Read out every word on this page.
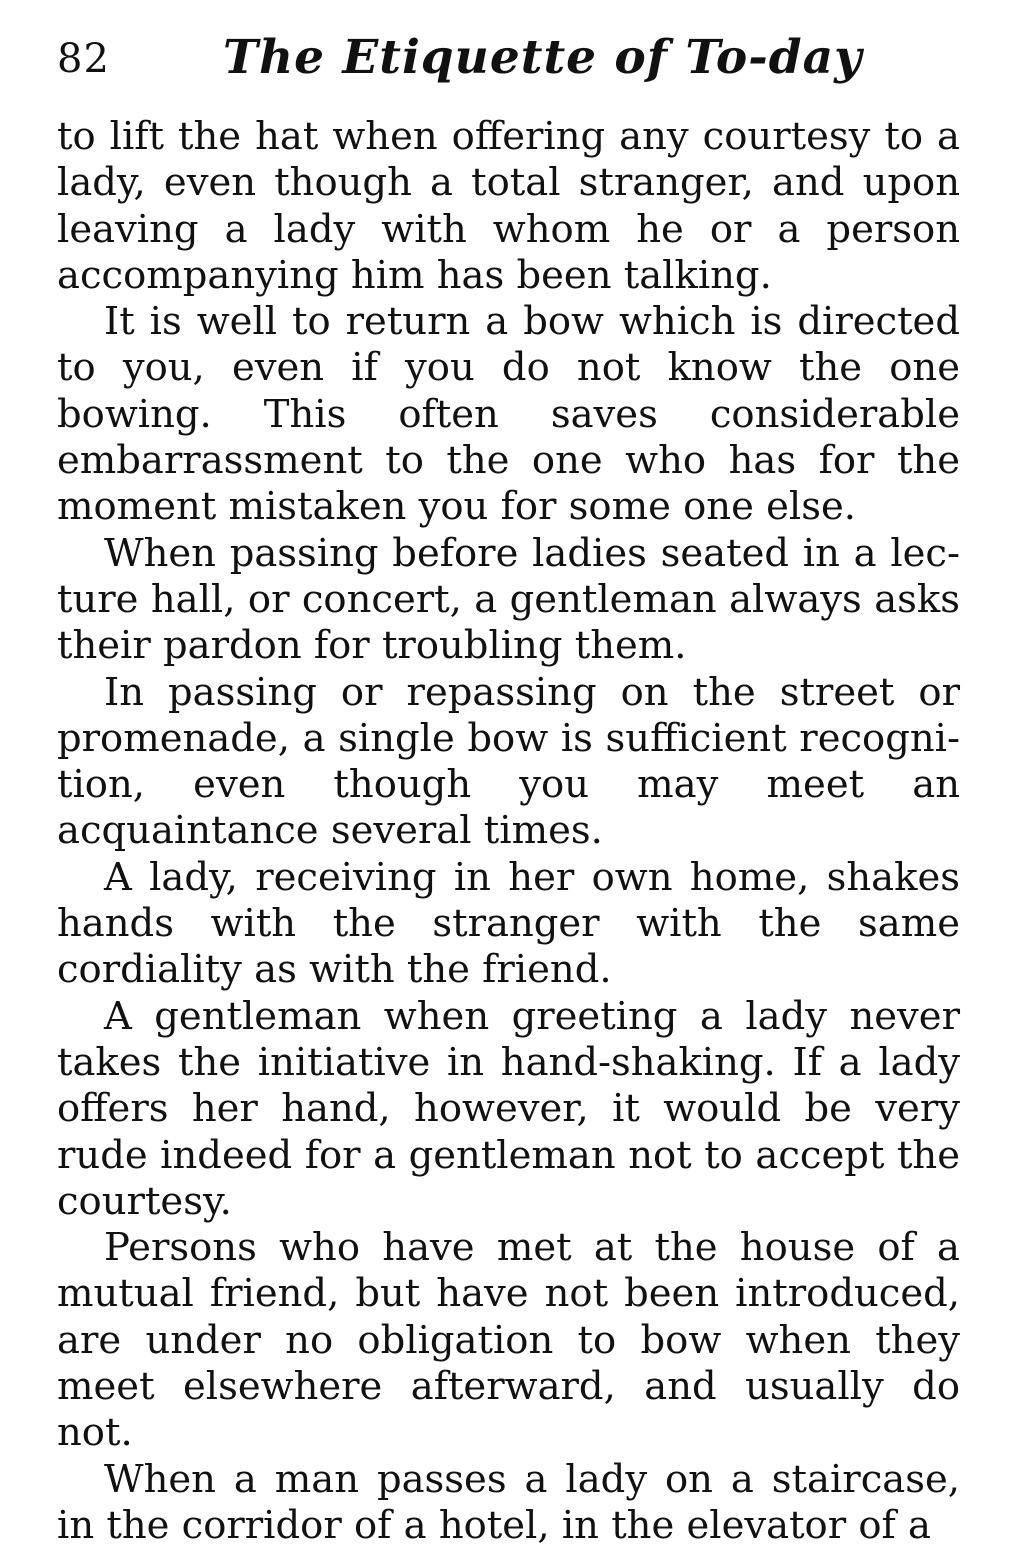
82 The Etiquette of To-day

to lift the hat when offering any courtesy to a lady, even though a total stranger, and upon leaving a lady with whom he or a person accompanying him has been talking.

It is well to return a bow which is directed to you, even if you do not know the one bowing. This often saves considerable embarrassment to the one who has for the moment mistaken you for some one else.

When passing before ladies seated in a lecture hall, or concert, a gentleman always asks their pardon for troubling them.

In passing or repassing on the street or promenade, a single bow is sufficient recognition, even though you may meet an acquaintance several times.

A lady, receiving in her own home, shakes hands with the stranger with the same cordiality as with the friend.

A gentleman when greeting a lady never takes the initiative in hand-shaking. If a lady offers her hand, however, it would be very rude indeed for a gentleman not to accept the courtesy.

Persons who have met at the house of a mutual friend, but have not been introduced, are under no obligation to bow when they meet elsewhere afterward, and usually do not.

When a man passes a lady on a staircase, in the corridor of a hotel, in the elevator of a
